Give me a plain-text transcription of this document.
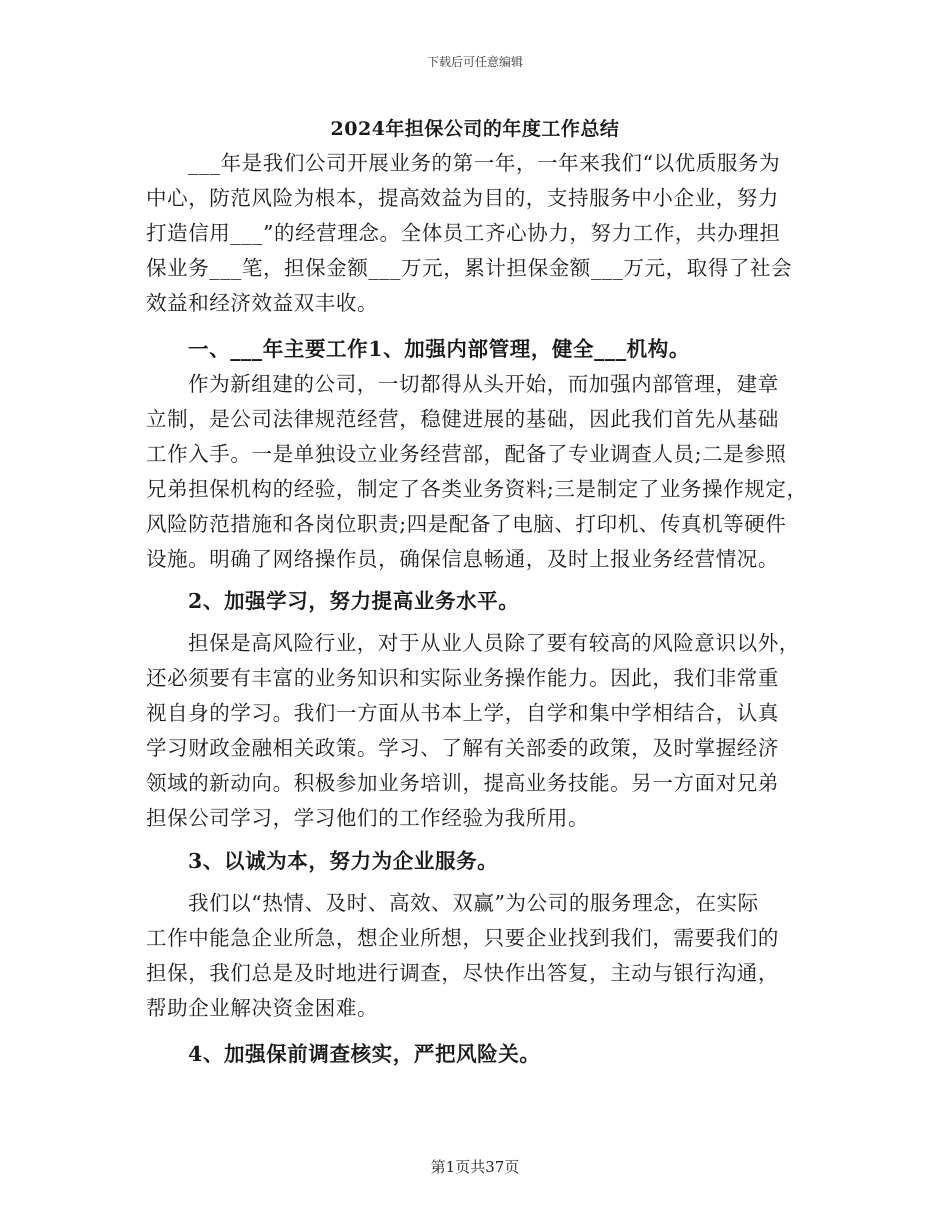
下载后可任意编辑
2024年担保公司的年度工作总结
___年是我们公司开展业务的第一年，一年来我们“以优质服务为
中心，防范风险为根本，提高效益为目的，支持服务中小企业，努力
打造信用___”的经营理念。全体员工齐心协力，努力工作，共办理担
保业务___笔，担保金额___万元，累计担保金额___万元，取得了社会
效益和经济效益双丰收。
一、___年主要工作1、加强内部管理，健全___机构。
作为新组建的公司，一切都得从头开始，而加强内部管理，建章
立制，是公司法律规范经营，稳健进展的基础，因此我们首先从基础
工作入手。一是单独设立业务经营部，配备了专业调查人员;二是参照
兄弟担保机构的经验，制定了各类业务资料;三是制定了业务操作规定，
风险防范措施和各岗位职责;四是配备了电脑、打印机、传真机等硬件
设施。明确了网络操作员，确保信息畅通，及时上报业务经营情况。
2、加强学习，努力提高业务水平。
担保是高风险行业，对于从业人员除了要有较高的风险意识以外，
还必须要有丰富的业务知识和实际业务操作能力。因此，我们非常重
视自身的学习。我们一方面从书本上学，自学和集中学相结合，认真
学习财政金融相关政策。学习、了解有关部委的政策，及时掌握经济
领域的新动向。积极参加业务培训，提高业务技能。另一方面对兄弟
担保公司学习，学习他们的工作经验为我所用。
3、以诚为本，努力为企业服务。
我们以“热情、及时、高效、双赢”为公司的服务理念，在实际
工作中能急企业所急，想企业所想，只要企业找到我们，需要我们的
担保，我们总是及时地进行调查，尽快作出答复，主动与银行沟通，
帮助企业解决资金困难。
4、加强保前调查核实，严把风险关。
第1页共37页
